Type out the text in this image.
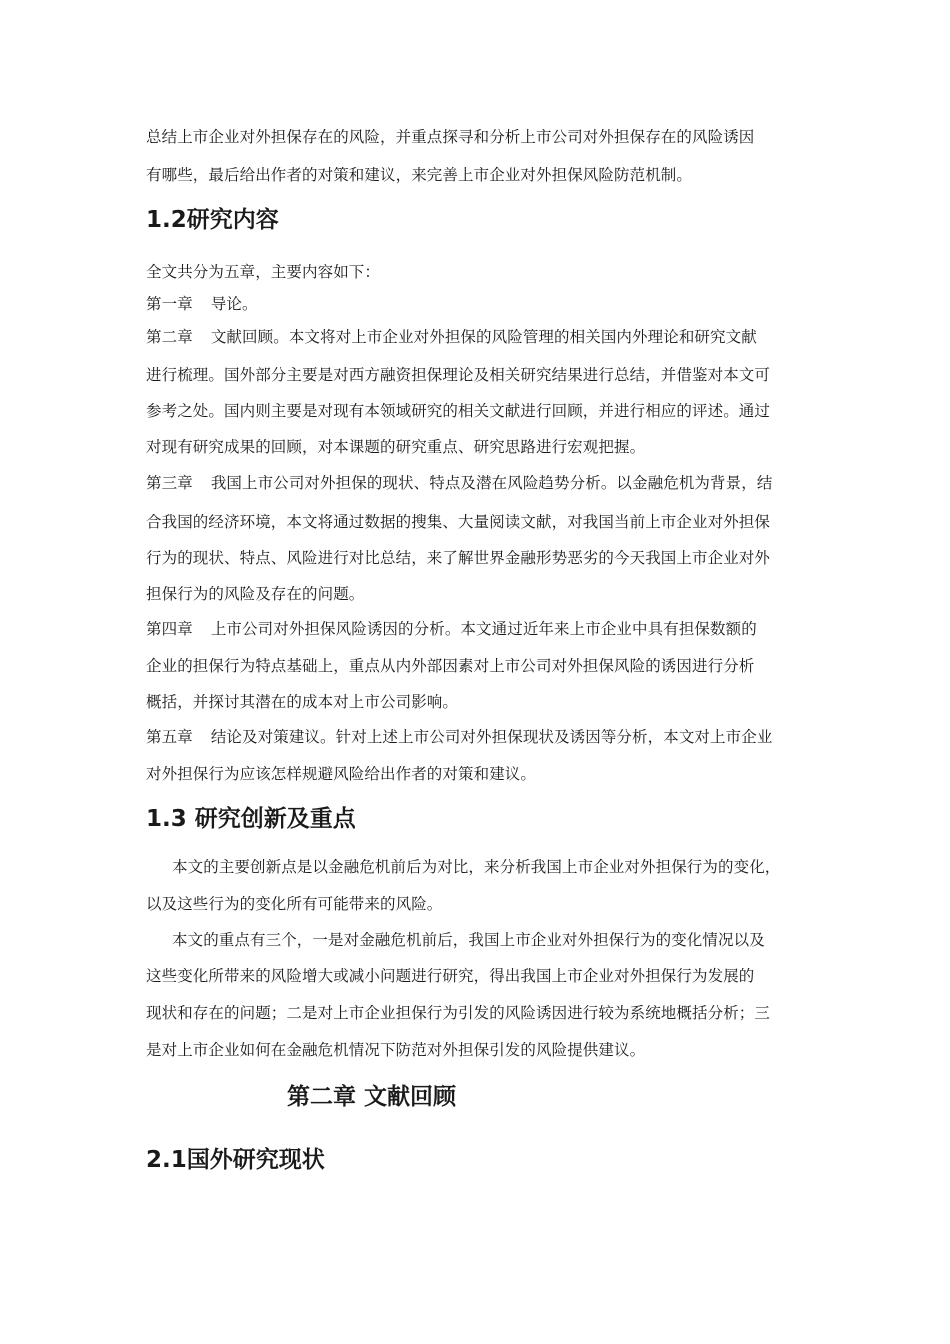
总结上市企业对外担保存在的风险，并重点探寻和分析上市公司对外担保存在的风险诱因
有哪些，最后给出作者的对策和建议，来完善上市企业对外担保风险防范机制。
1.2研究内容
全文共分为五章，主要内容如下：
第一章 导论。
第二章 文献回顾。本文将对上市企业对外担保的风险管理的相关国内外理论和研究文献
进行梳理。国外部分主要是对西方融资担保理论及相关研究结果进行总结，并借鉴对本文可
参考之处。国内则主要是对现有本领域研究的相关文献进行回顾，并进行相应的评述。通过
对现有研究成果的回顾，对本课题的研究重点、研究思路进行宏观把握。
第三章 我国上市公司对外担保的现状、特点及潜在风险趋势分析。以金融危机为背景，结
合我国的经济环境，本文将通过数据的搜集、大量阅读文献，对我国当前上市企业对外担保
行为的现状、特点、风险进行对比总结，来了解世界金融形势恶劣的今天我国上市企业对外
担保行为的风险及存在的问题。
第四章 上市公司对外担保风险诱因的分析。本文通过近年来上市企业中具有担保数额的
企业的担保行为特点基础上，重点从内外部因素对上市公司对外担保风险的诱因进行分析
概括，并探讨其潜在的成本对上市公司影响。
第五章 结论及对策建议。针对上述上市公司对外担保现状及诱因等分析，本文对上市企业
对外担保行为应该怎样规避风险给出作者的对策和建议。
1.3 研究创新及重点
本文的主要创新点是以金融危机前后为对比，来分析我国上市企业对外担保行为的变化，
以及这些行为的变化所有可能带来的风险。
本文的重点有三个，一是对金融危机前后，我国上市企业对外担保行为的变化情况以及
这些变化所带来的风险增大或减小问题进行研究，得出我国上市企业对外担保行为发展的
现状和存在的问题；二是对上市企业担保行为引发的风险诱因进行较为系统地概括分析；三
是对上市企业如何在金融危机情况下防范对外担保引发的风险提供建议。
第二章 文献回顾
2.1国外研究现状
